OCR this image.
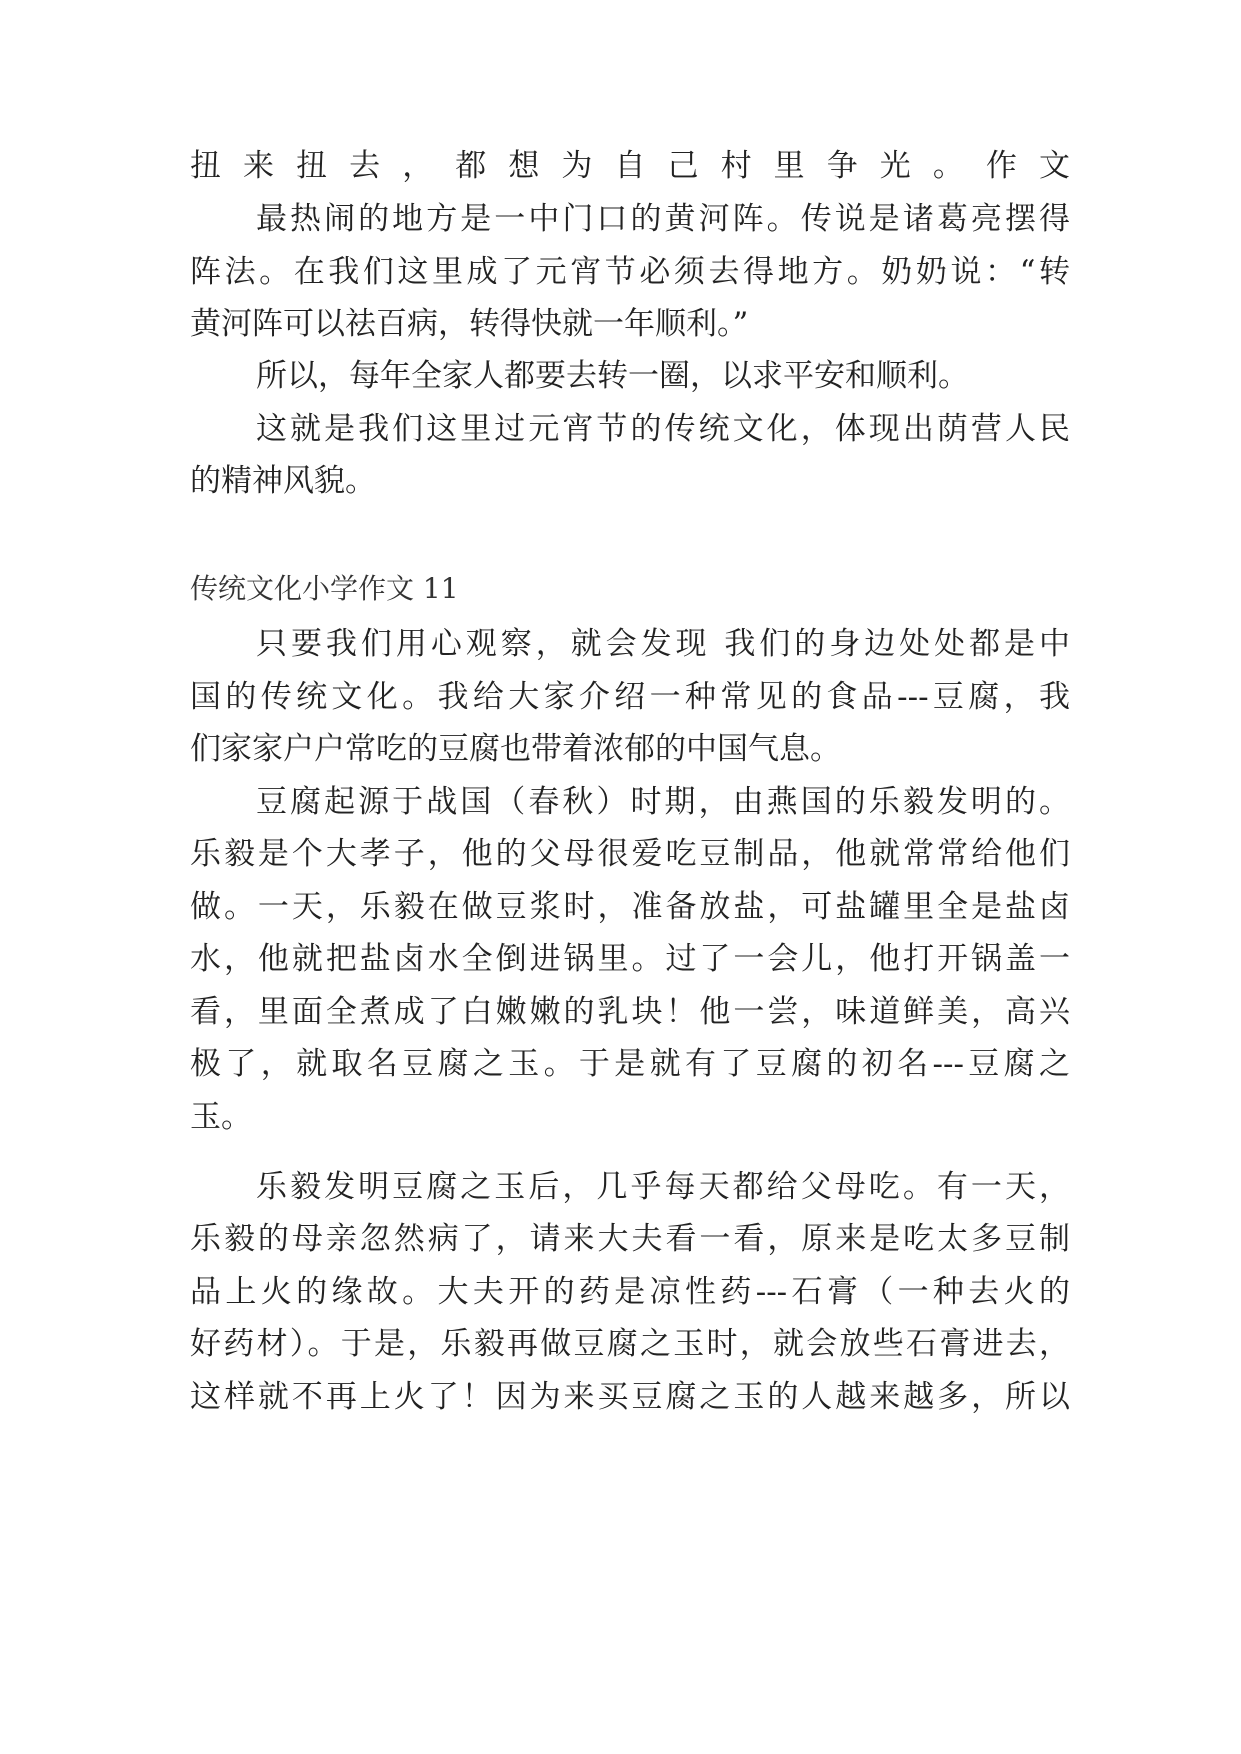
扭来扭去，都想为自己村里争光。作文
最热闹的地方是一中门口的黄河阵。传说是诸葛亮摆得
阵法。在我们这里成了元宵节必须去得地方。奶奶说：“转
黄河阵可以祛百病，转得快就一年顺利。”
所以，每年全家人都要去转一圈，以求平安和顺利。
这就是我们这里过元宵节的传统文化，体现出荫营人民
的精神风貌。
传统文化小学作文 11
只要我们用心观察，就会发现 我们的身边处处都是中
国的传统文化。我给大家介绍一种常见的食品---豆腐，我
们家家户户常吃的豆腐也带着浓郁的中国气息。
豆腐起源于战国（春秋）时期，由燕国的乐毅发明的。
乐毅是个大孝子，他的父母很爱吃豆制品，他就常常给他们
做。一天，乐毅在做豆浆时，准备放盐，可盐罐里全是盐卤
水，他就把盐卤水全倒进锅里。过了一会儿，他打开锅盖一
看，里面全煮成了白嫩嫩的乳块！他一尝，味道鲜美，高兴
极了，就取名豆腐之玉。于是就有了豆腐的初名---豆腐之
玉。
乐毅发明豆腐之玉后，几乎每天都给父母吃。有一天，
乐毅的母亲忽然病了，请来大夫看一看，原来是吃太多豆制
品上火的缘故。大夫开的药是凉性药---石膏（一种去火的
好药材）。于是，乐毅再做豆腐之玉时，就会放些石膏进去，
这样就不再上火了！因为来买豆腐之玉的人越来越多，所以
